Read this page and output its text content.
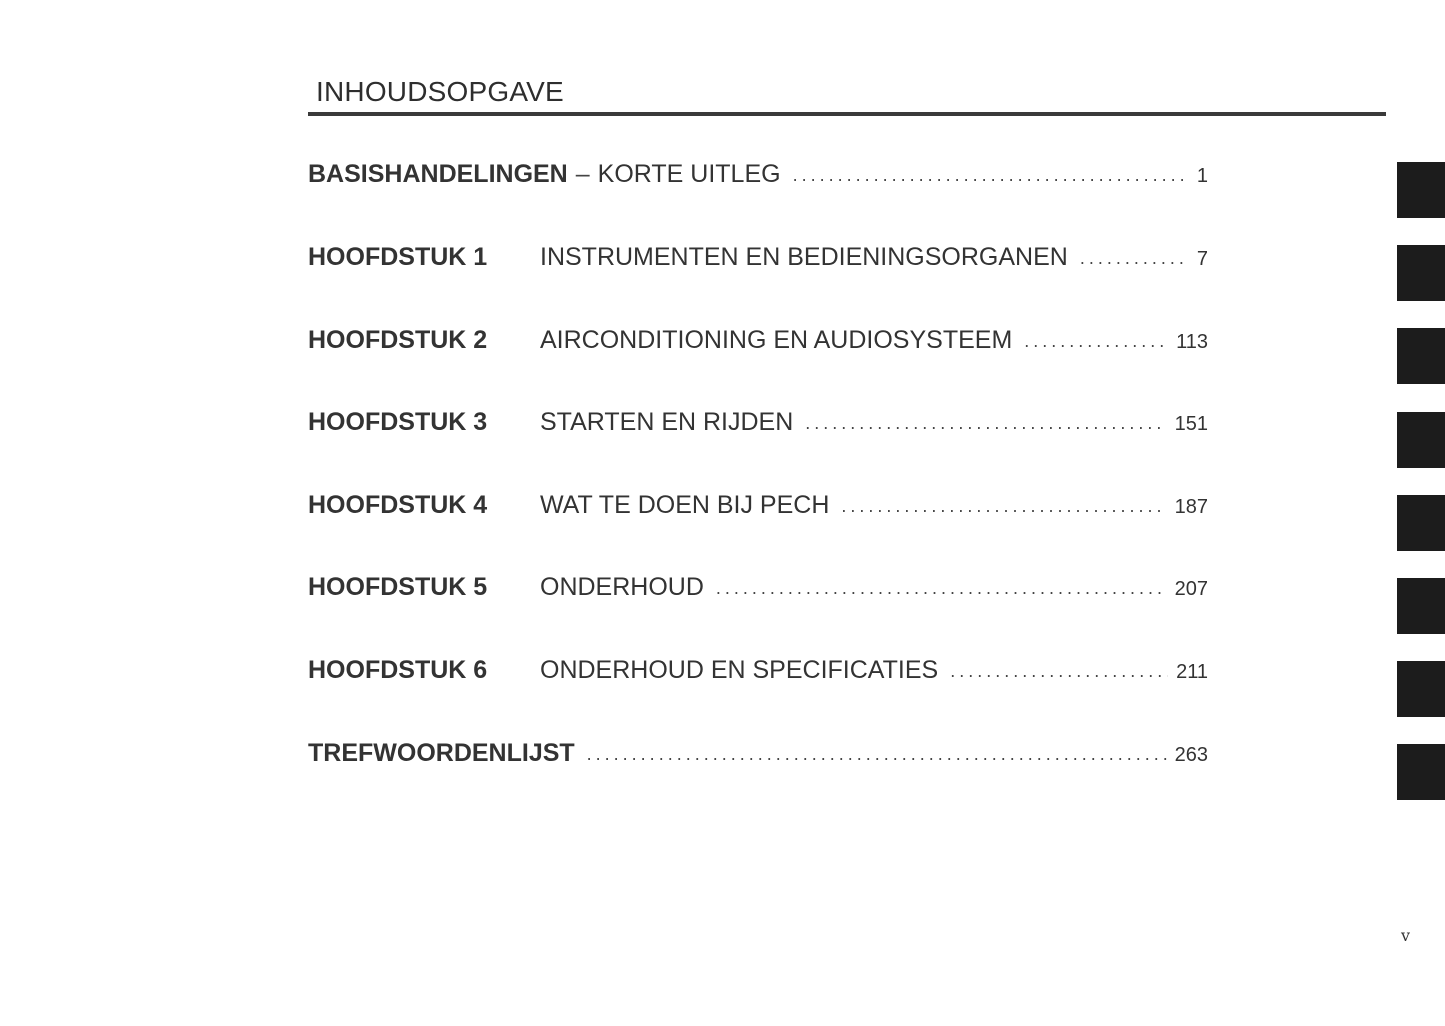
INHOUDSOPGAVE
BASISHANDELINGEN – KORTE UITLEG . . .	1
HOOFDSTUK 1	INSTRUMENTEN EN BEDIENINGSORGANEN . . .	7
HOOFDSTUK 2	AIRCONDITIONING EN AUDIOSYSTEEM . . .	113
HOOFDSTUK 3	STARTEN EN RIJDEN . . .	151
HOOFDSTUK 4	WAT TE DOEN BIJ PECH . . .	187
HOOFDSTUK 5	ONDERHOUD . . .	207
HOOFDSTUK 6	ONDERHOUD EN SPECIFICATIES . . .	211
TREFWOORDENLIJST . . .	263
v
